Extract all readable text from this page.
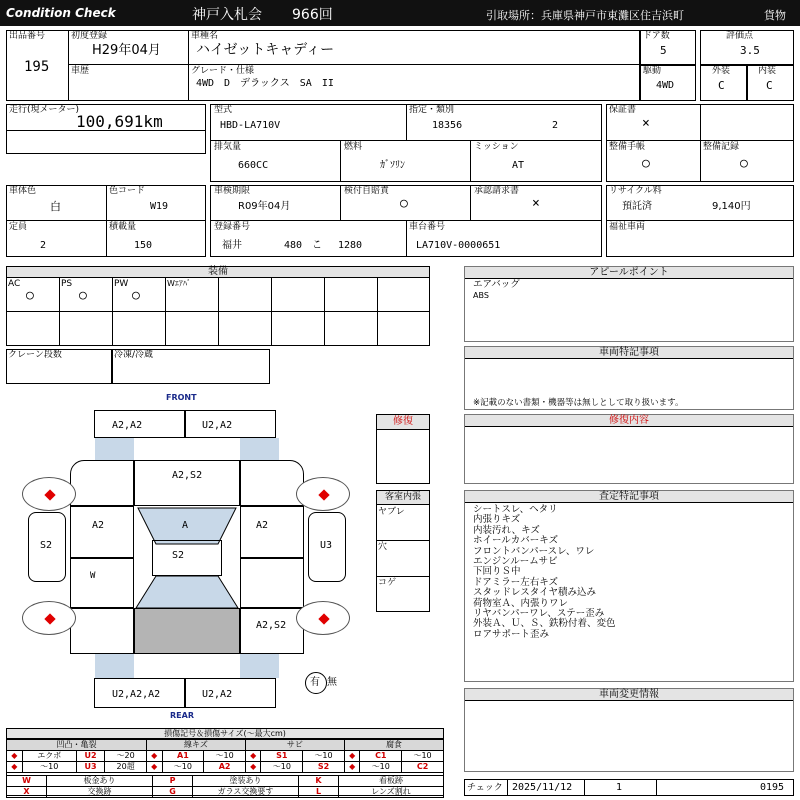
Condition Check	神戸入札会 966回	引取場所：兵庫県神戸市東灘区住吉浜町	貨物
出品番号
195
初度登録
H29年04月
車歴
車種名
ハイゼットキャディー
グレード・仕様
4WD　D　デラックス　SA　II
ドア数
5
評価点
3.5
駆動
4WD
外装
C
内装
C
走行(現メーター)
100,691km
型式
HBD-LA710V
指定・類別
18356	2
排気量
660CC
燃料
ｶﾞｿﾘﾝ
ミッション
AT
保証書
×
整備手帳
○
整備記録
○
車体色
白
色コード
W19
定員
2
積載量
150
車検期限
R09年04月
検付自賠責
○
承認請求書
×
登録番号
福井	480 こ 1280
車台番号
LA710V-0000651
リサイクル料
預託済	9,140円
福祉車両
装備
AC
○
PS
○
PW
○
Wｴｱﾊﾞ
クレーン段数	冷凍/冷蔵
FRONT
REAR
A2,A2	U2,A2
A2,S2
A2	A2
A
S2	U3
S2
W
A2,S2
U2,A2,A2	U2,A2
有 無
修復
客室内張
ヤブレ
穴
コゲ
アピールポイント
エアバッグ
ABS
車両特記事項
※記載のない書類・機器等は無しとして取り扱います。
修復内容
査定特記事項
シートスレ、ヘタリ
内張りキズ
内装汚れ、キズ
ホイールカバーキズ
フロントバンパースレ、ワレ
エンジンルームサビ
下回りＳ中
ドアミラー左右キズ
スタッドレスタイヤ積み込み
荷物室Ａ、内張りワレ
リヤバンパーワレ、ステー歪み
外装Ａ、Ｕ、Ｓ、鉄粉付着、変色
ロアサポート歪み
車両変更情報
チェック 2025/11/12	1	0195
損傷記号＆損傷サイズ(〜最大cm)
凹凸・亀裂				線キズ			サビ			腐食		
◆	エクボ	U2	〜20	◆	A1	〜10	◆	S1	〜10	◆	C1	〜10
◆	〜10	U3	20超	◆	〜10	A2	◆	〜10	S2	◆	〜10	C2
W	板金あり	P	塗装あり	K	看板跡
X	交換跡	G	ガラス交換要す	L	レンズ割れ
